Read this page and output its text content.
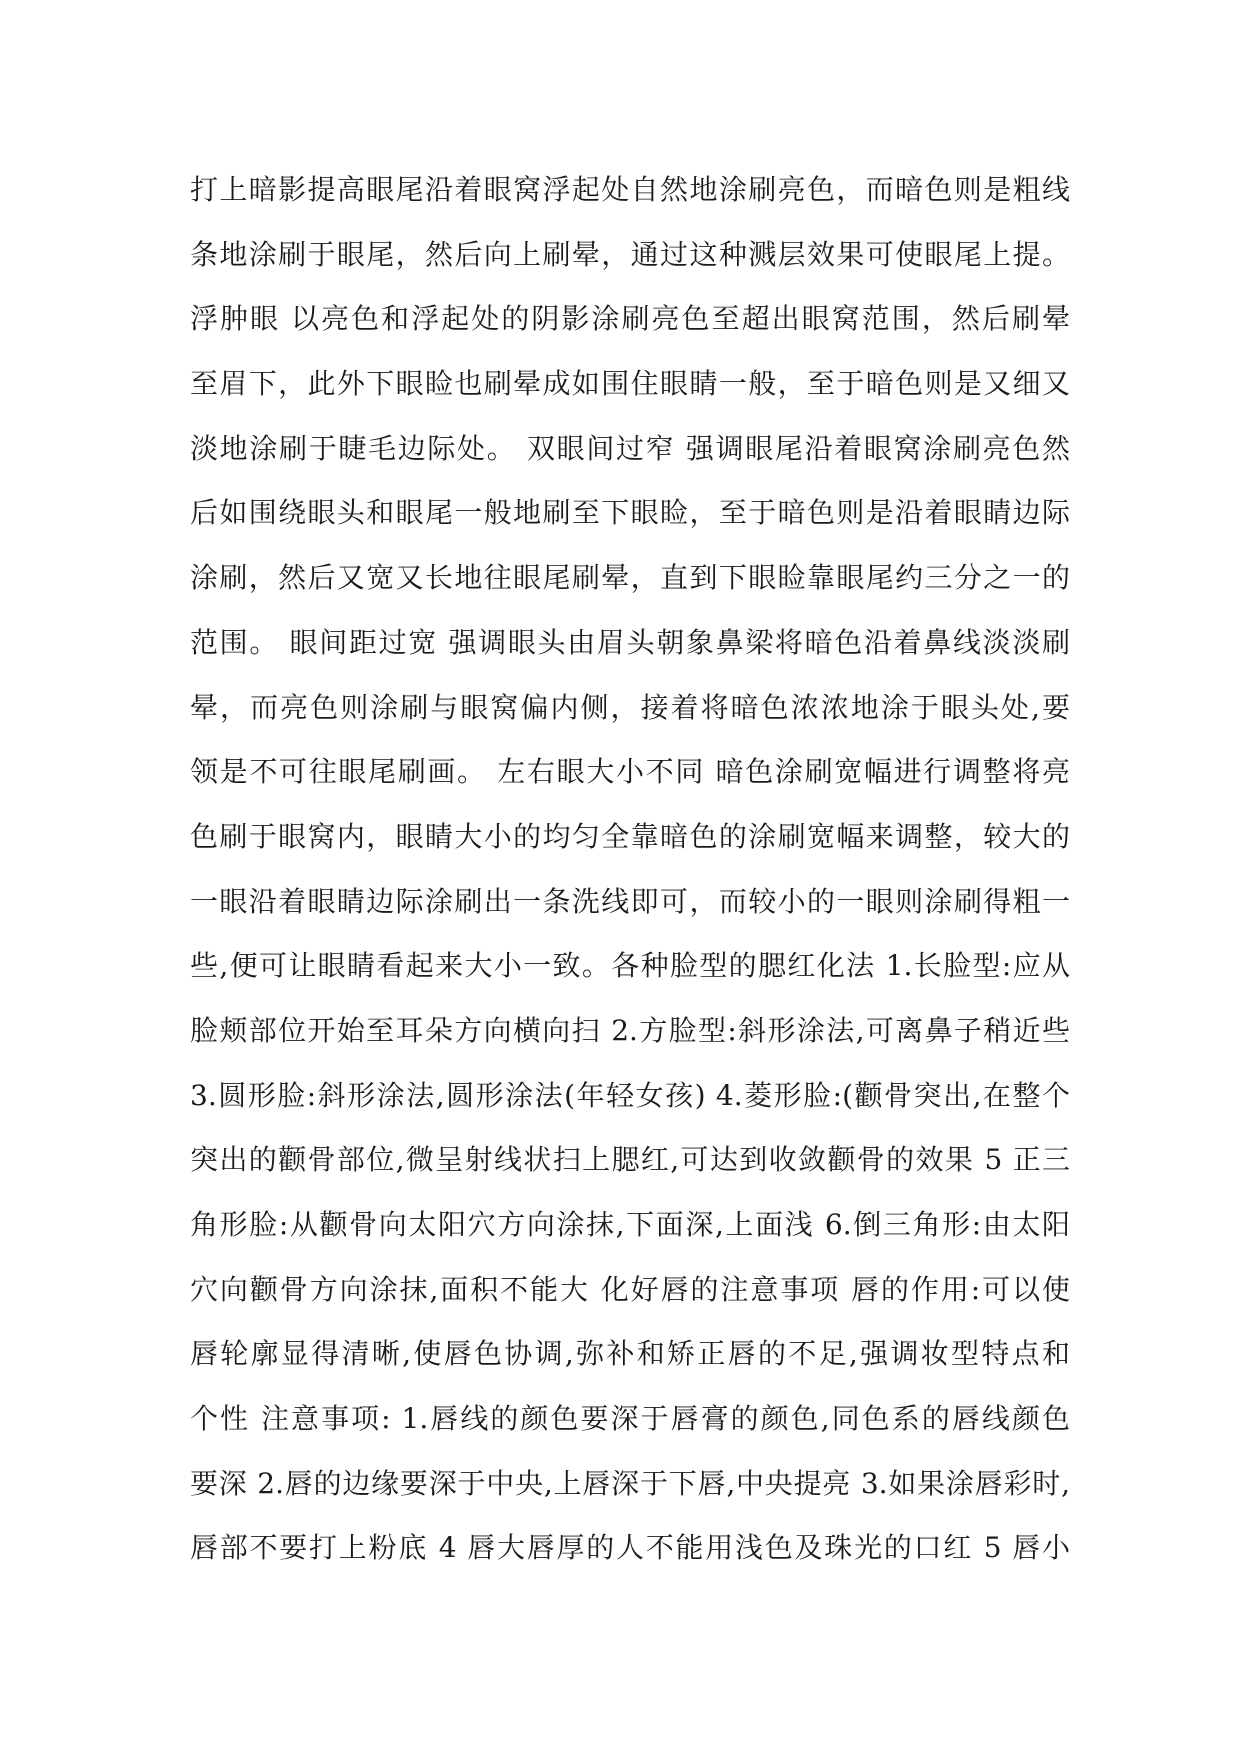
打上暗影提高眼尾沿着眼窝浮起处自然地涂刷亮色，而暗色则是粗线
条地涂刷于眼尾，然后向上刷晕，通过这种溅层效果可使眼尾上提。
浮肿眼 以亮色和浮起处的阴影涂刷亮色至超出眼窝范围，然后刷晕
至眉下，此外下眼睑也刷晕成如围住眼睛一般，至于暗色则是又细又
淡地涂刷于睫毛边际处。 双眼间过窄 强调眼尾沿着眼窝涂刷亮色然
后如围绕眼头和眼尾一般地刷至下眼睑，至于暗色则是沿着眼睛边际
涂刷，然后又宽又长地往眼尾刷晕，直到下眼睑靠眼尾约三分之一的
范围。 眼间距过宽 强调眼头由眉头朝象鼻梁将暗色沿着鼻线淡淡刷
晕，而亮色则涂刷与眼窝偏内侧，接着将暗色浓浓地涂于眼头处,要
领是不可往眼尾刷画。 左右眼大小不同 暗色涂刷宽幅进行调整将亮
色刷于眼窝内，眼睛大小的均匀全靠暗色的涂刷宽幅来调整，较大的
一眼沿着眼睛边际涂刷出一条洗线即可，而较小的一眼则涂刷得粗一
些,便可让眼睛看起来大小一致。各种脸型的腮红化法 1.长脸型:应从
脸颊部位开始至耳朵方向横向扫 2.方脸型:斜形涂法,可离鼻子稍近些
3.圆形脸:斜形涂法,圆形涂法(年轻女孩) 4.菱形脸:(颧骨突出,在整个
突出的颧骨部位,微呈射线状扫上腮红,可达到收敛颧骨的效果 5 正三
角形脸:从颧骨向太阳穴方向涂抹,下面深,上面浅 6.倒三角形:由太阳
穴向颧骨方向涂抹,面积不能大 化好唇的注意事项 唇的作用:可以使
唇轮廓显得清晰,使唇色协调,弥补和矫正唇的不足,强调妆型特点和
个性 注意事项: 1.唇线的颜色要深于唇膏的颜色,同色系的唇线颜色
要深 2.唇的边缘要深于中央,上唇深于下唇,中央提亮 3.如果涂唇彩时,
唇部不要打上粉底 4 唇大唇厚的人不能用浅色及珠光的口红 5 唇小
